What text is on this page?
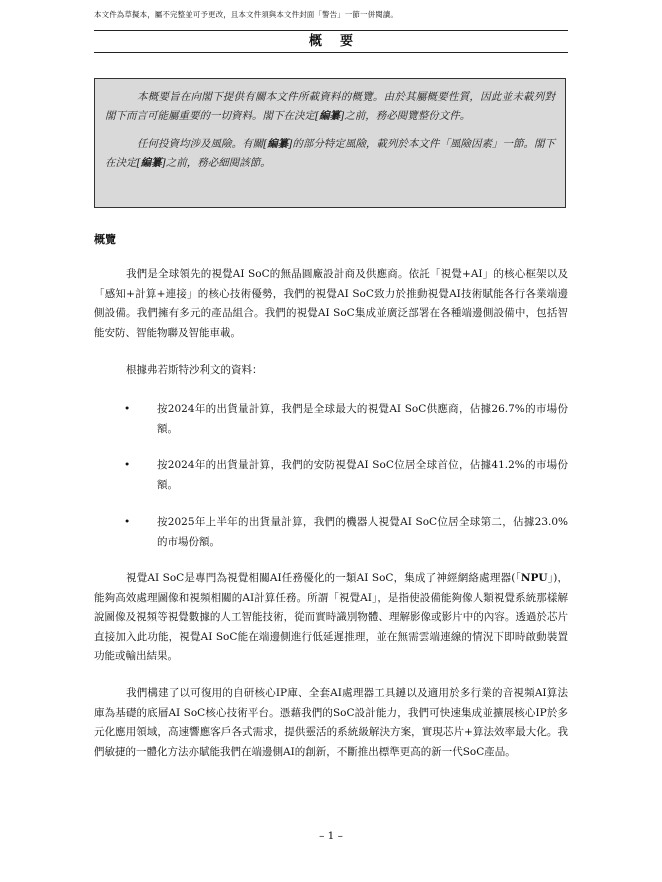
本文件為草擬本，屬不完整並可予更改，且本文件須與本文件封面「警告」一節一併閱讀。
概要

本概要旨在向閣下提供有關本文件所載資料的概覽。由於其屬概要性質，因此並未載列對閣下而言可能屬重要的一切資料。閣下在決定[編纂]之前，務必閱覽整份文件。

任何投資均涉及風險。有關[編纂]的部分特定風險，載列於本文件「風險因素」一節。閣下在決定[編纂]之前，務必細閱該節。

概覽
我們是全球領先的視覺AI SoC的無晶圓廠設計商及供應商。依託「視覺+AI」的核心框架以及「感知+計算+連接」的核心技術優勢，我們的視覺AI SoC致力於推動視覺AI技術賦能各行各業端邊側設備。我們擁有多元的產品組合。我們的視覺AI SoC集成並廣泛部署在各種端邊側設備中，包括智能安防、智能物聯及智能車載。
根據弗若斯特沙利文的資料：
•	按2024年的出貨量計算，我們是全球最大的視覺AI SoC供應商，佔據26.7%的市場份額。
•	按2024年的出貨量計算，我們的安防視覺AI SoC位居全球首位，佔據41.2%的市場份額。
•	按2025年上半年的出貨量計算，我們的機器人視覺AI SoC位居全球第二，佔據23.0%的市場份額。
視覺AI SoC是專門為視覺相關AI任務優化的一類AI SoC，集成了神經網絡處理器(「NPU」)，能夠高效處理圖像和視頻相關的AI計算任務。所謂「視覺AI」，是指使設備能夠像人類視覺系統那樣解說圖像及視頻等視覺數據的人工智能技術，從而實時識別物體、理解影像或影片中的內容。透過於芯片直接加入此功能，視覺AI SoC能在端邊側進行低延遲推理，並在無需雲端連線的情況下即時啟動裝置功能或輸出結果。
我們構建了以可復用的自研核心IP庫、全套AI處理器工具鏈以及適用於多行業的音視頻AI算法庫為基礎的底層AI SoC核心技術平台。憑藉我們的SoC設計能力，我們可快速集成並擴展核心IP於多元化應用領域，高速響應客戶各式需求，提供靈活的系統級解決方案，實現芯片+算法效率最大化。我們敏捷的一體化方法亦賦能我們在端邊側AI的創新，不斷推出標準更高的新一代SoC產品。
– 1 –
